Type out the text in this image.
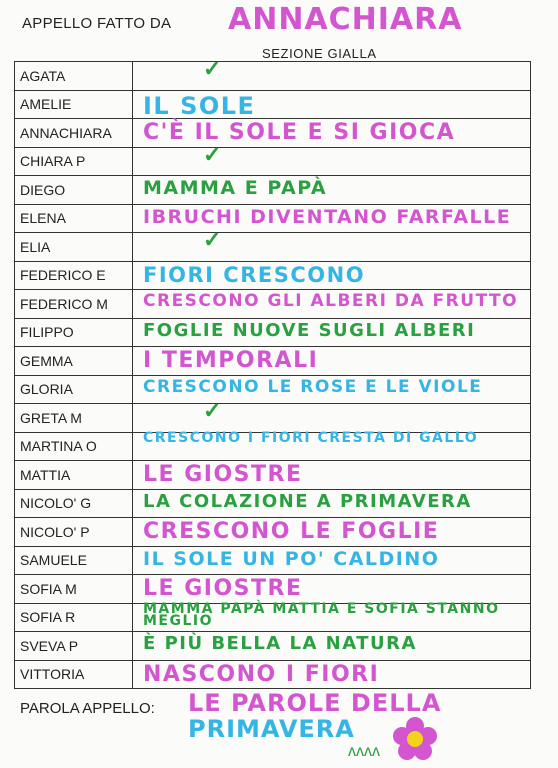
APPELLO FATTO DA ANNACHIARA
SEZIONE GIALLA
AGATA	✓

AMELIE	IL SOLE

ANNACHIARA	C'È IL SOLE E SI GIOCA

CHIARA P	✓

DIEGO	MAMMA E PAPÀ

ELENA	IBRUCHI DIVENTANO FARFALLE

ELIA	✓

FEDERICO E	FIORI CRESCONO

FEDERICO M	CRESCONO GLI ALBERI DA FRUTTO

FILIPPO	FOGLIE NUOVE SUGLI ALBERI

GEMMA	I TEMPORALI

GLORIA	CRESCONO LE ROSE E LE VIOLE

GRETA M	✓

MARTINA O	CRESCONO I FIORI CRESTA DI GALLO

MATTIA	LE GIOSTRE

NICOLO' G	LA COLAZIONE A PRIMAVERA

NICOLO' P	CRESCONO LE FOGLIE

SAMUELE	IL SOLE UN PO' CALDINO

SOFIA M	LE GIOSTRE

SOFIA R	MAMMA PAPÀ MATTIA E SOFIA STANNO MEGLIO

SVEVA P	È PIÙ BELLA LA NATURA

VITTORIA	NASCONO I FIORI
PAROLA APPELLO: LE PAROLE DELLA
PRIMAVERA
ʌʌʌʌ
